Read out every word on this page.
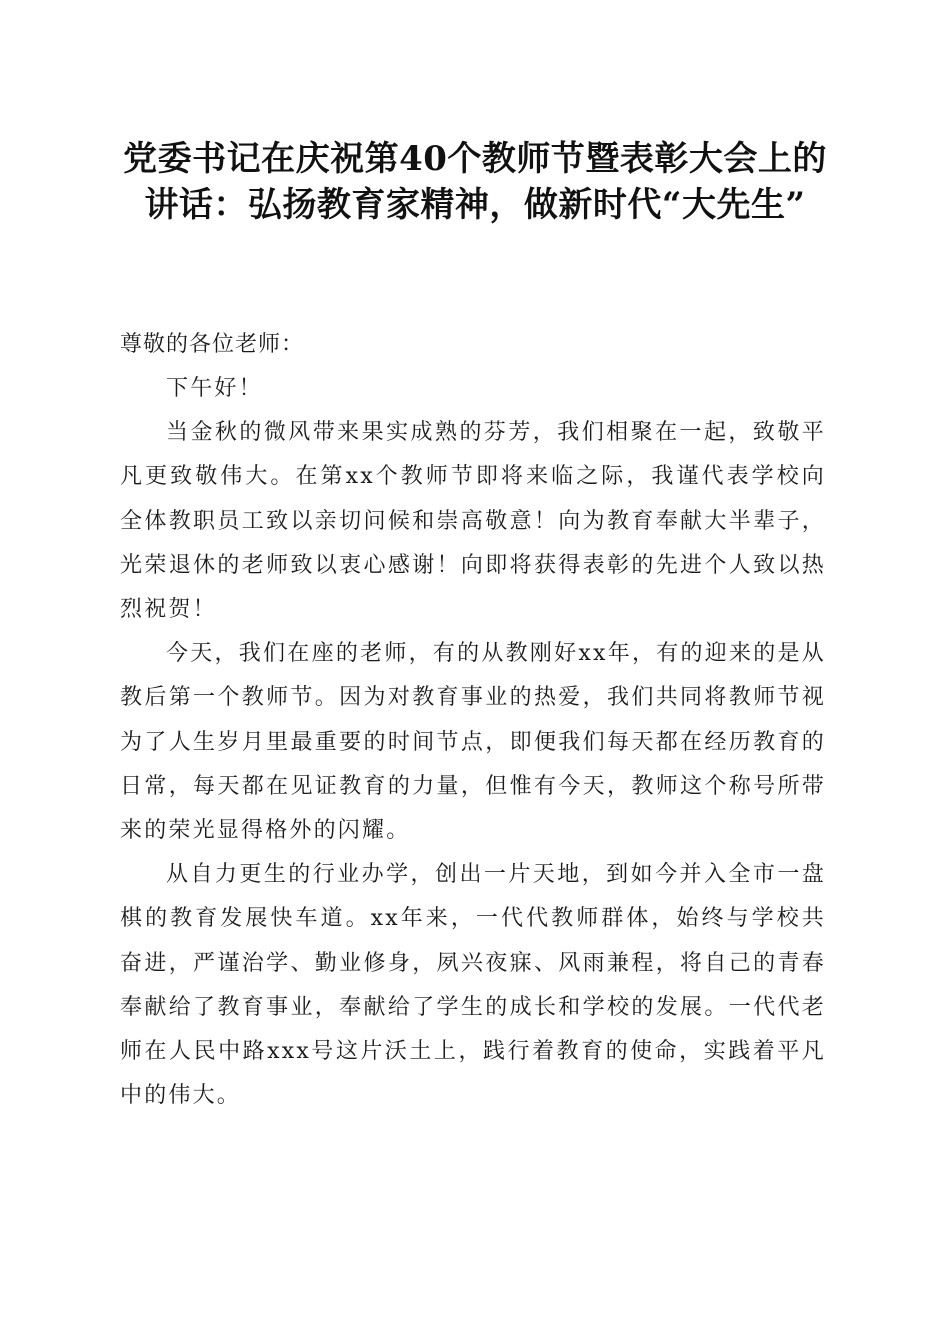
党委书记在庆祝第40个教师节暨表彰大会上的讲话：弘扬教育家精神，做新时代“大先生”

尊敬的各位老师：

下午好！

当金秋的微风带来果实成熟的芬芳，我们相聚在一起，致敬平凡更致敬伟大。在第xx个教师节即将来临之际，我谨代表学校向全体教职员工致以亲切问候和崇高敬意！向为教育奉献大半辈子，光荣退休的老师致以衷心感谢！向即将获得表彰的先进个人致以热烈祝贺！

今天，我们在座的老师，有的从教刚好xx年，有的迎来的是从教后第一个教师节。因为对教育事业的热爱，我们共同将教师节视为了人生岁月里最重要的时间节点，即便我们每天都在经历教育的日常，每天都在见证教育的力量，但惟有今天，教师这个称号所带来的荣光显得格外的闪耀。

从自力更生的行业办学，创出一片天地，到如今并入全市一盘棋的教育发展快车道。xx年来，一代代教师群体，始终与学校共奋进，严谨治学、勤业修身，夙兴夜寐、风雨兼程，将自己的青春奉献给了教育事业，奉献给了学生的成长和学校的发展。一代代老师在人民中路xxx号这片沃土上，践行着教育的使命，实践着平凡中的伟大。
